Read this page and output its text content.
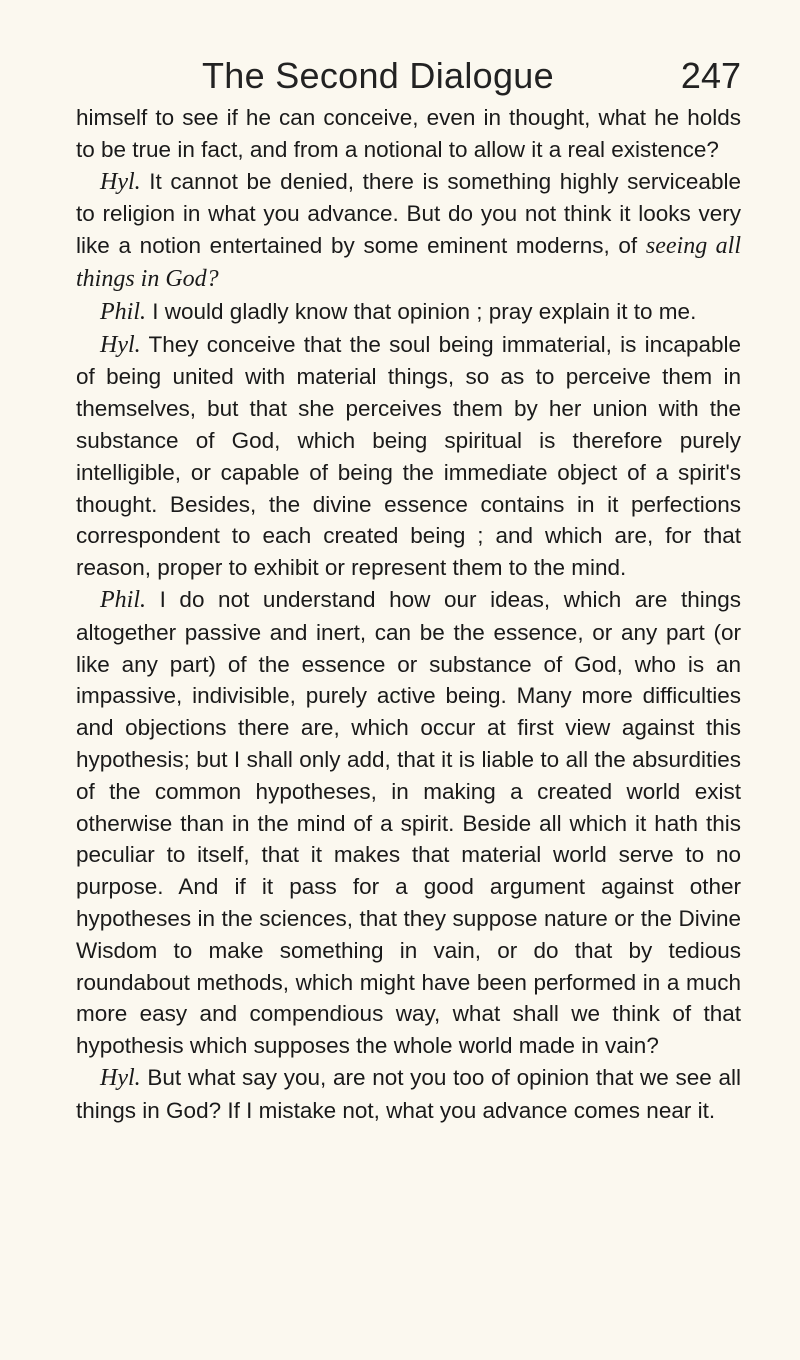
The Second Dialogue	247

himself to see if he can conceive, even in thought, what he holds to be true in fact, and from a notional to allow it a real existence?

Hyl. It cannot be denied, there is something highly serviceable to religion in what you advance. But do you not think it looks very like a notion entertained by some eminent moderns, of seeing all things in God?

Phil. I would gladly know that opinion ; pray explain it to me.

Hyl. They conceive that the soul being immaterial, is incapable of being united with material things, so as to perceive them in themselves, but that she perceives them by her union with the substance of God, which being spiritual is therefore purely intelligible, or capable of being the immediate object of a spirit's thought. Besides, the divine essence contains in it perfections correspondent to each created being ; and which are, for that reason, proper to exhibit or represent them to the mind.

Phil. I do not understand how our ideas, which are things altogether passive and inert, can be the essence, or any part (or like any part) of the essence or substance of God, who is an impassive, indivisible, purely active being. Many more difficulties and objections there are, which occur at first view against this hypothesis; but I shall only add, that it is liable to all the absurdities of the common hypotheses, in making a created world exist otherwise than in the mind of a spirit. Beside all which it hath this peculiar to itself, that it makes that material world serve to no purpose. And if it pass for a good argument against other hypotheses in the sciences, that they suppose nature or the Divine Wisdom to make something in vain, or do that by tedious roundabout methods, which might have been performed in a much more easy and compendious way, what shall we think of that hypothesis which supposes the whole world made in vain?

Hyl. But what say you, are not you too of opinion that we see all things in God? If I mistake not, what you advance comes near it.
